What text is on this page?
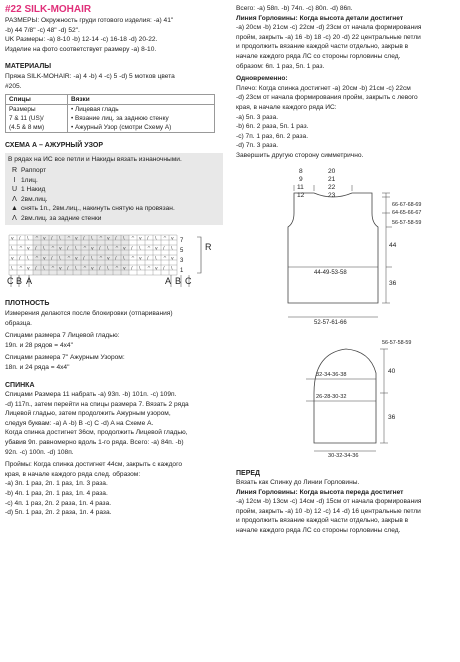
#22 SILK-MOHAIR
РАЗМЕРЫ: Окружность груди готового изделия: -а) 41"
-b) 44 7/8" -c) 48" -d) 52".
UK Размеры: -a) 8-10 -b) 12-14 -c) 16-18 -d) 20-22.
Изделие на фото соответствует размеру -a) 8-10.
МАТЕРИАЛЫ
Пряжа SILK-MOHAIR: -a) 4 -b) 4 -c) 5 -d) 5 мотков цвета
#205.
Спицы	Вязки

Размеры
7 & 11 (US)/
(4.5 & 8 мм)	• Лицевая гладь
• Вязание лиц. за заднюю стенку
• Ажурный Узор (смотри Схему А)
СХЕМА А – АЖУРНЫЙ УЗОР
В рядах на ИС все петли и Накиды вязать изнаночными.
R Раппорт
I 1лиц.
U 1 Накид
Λ 2вм.лиц.
▲ снять 1п., 2вм.лиц., накинуть снятую на провязан.
Λ 2вм.лиц. за задние стенки
v / \ ^ v / \ ^ v / \ ^ v / \ ^ v / \ ^ v
\ ^ v / \ ^ v / \ ^ v / \ ^ v / \ ^ v / \
v / \ ^ v / \ ^ v / \ ^ v / \ ^ v / \ ^ v
\ ^ v / \ ^ v / \ ^ v / \ ^ v / \ ^ v / \
7
5
3
1
R
C B A	A B C
ПЛОТНОСТЬ
Измерения делаются после блокировки (отпаривания)
образца.
Спицами размера 7 Лицевой гладью:
19п. и 28 рядов = 4x4"
Спицами размера 7" Ажурным Узором:
18п. и 24 ряда = 4x4"
СПИНКА
Спицами Размера 11 набрать -a) 93п. -b) 101п. -c) 109п.
-d) 117п., затем перейти на спицы размера 7. Вязать 2 ряда
Лицевой гладью, затем продолжить Ажурным узором,
следуя буквам: -a) A -b) B -c) C -d) A на Схеме A.
Когда спинка достигнет 36см, продолжить Лицевой гладью,
убавив 9п. равномерно вдоль 1-го ряда. Всего: -a) 84п. -b)
92п. -c) 100п. -d) 108п.
Проймы: Когда спинка достигнет 44см, закрыть с каждого
края, в начале каждого ряда след. образом:
-a) 3п. 1 раз, 2п. 1 раз, 1п. 3 раза.
-b) 4п. 1 раз, 2п. 1 раз, 1п. 4 раза.
-c) 4п. 1 раз, 2п. 2 раза, 1п. 4 раза.
-d) 5п. 1 раз, 2п. 2 раза, 1п. 4 раза.
Всего: -a) 58п. -b) 74п. -c) 80п. -d) 86п.
Линия Горловины: Когда высота детали достигнет
-a) 20см -b) 21см -c) 22см -d) 23см от начала формирования
пройм, закрыть -a) 16 -b) 18 -c) 20 -d) 22 центральные петли
и продолжить вязание каждой части отдельно, закрыв в
начале каждого ряда ЛС со стороны горловины след.
образом: 6п. 1 раз, 5п. 1 раз.
Одновременно:
Плечо: Когда спинка достигнет -a) 20см -b) 21см -c) 22см
-d) 23см от начала формирования пройм, закрыть с левого
края, в начале каждого ряда ИС:
-a) 5п. 3 раза.
-b) 6п. 2 раза, 5п. 1 раз.
-c) 7п. 1 раз, 6п. 2 раза.
-d) 7п. 3 раза.
Завершить другую сторону симметрично.
8
9
11
12
20
21
22
23
66-67-68-69
64-65-66-67
56-57-58-59
44
36
44-49-53-58
52-57-61-66
56-57-58-59
32-34-36-38
26-28-30-32
40
36
30-32-34-36
ПЕРЕД
Вязать как Спинку до Линии Горловины.
Линия Горловины: Когда высота переда достигнет
-a) 12см -b) 13см -c) 14см -d) 15см от начала формирования
пройм, закрыть -a) 10 -b) 12 -c) 14 -d) 16 центральные петли
и продолжить вязание каждой части отдельно, закрыв в
начале каждого ряда ЛС со стороны горловины след.
